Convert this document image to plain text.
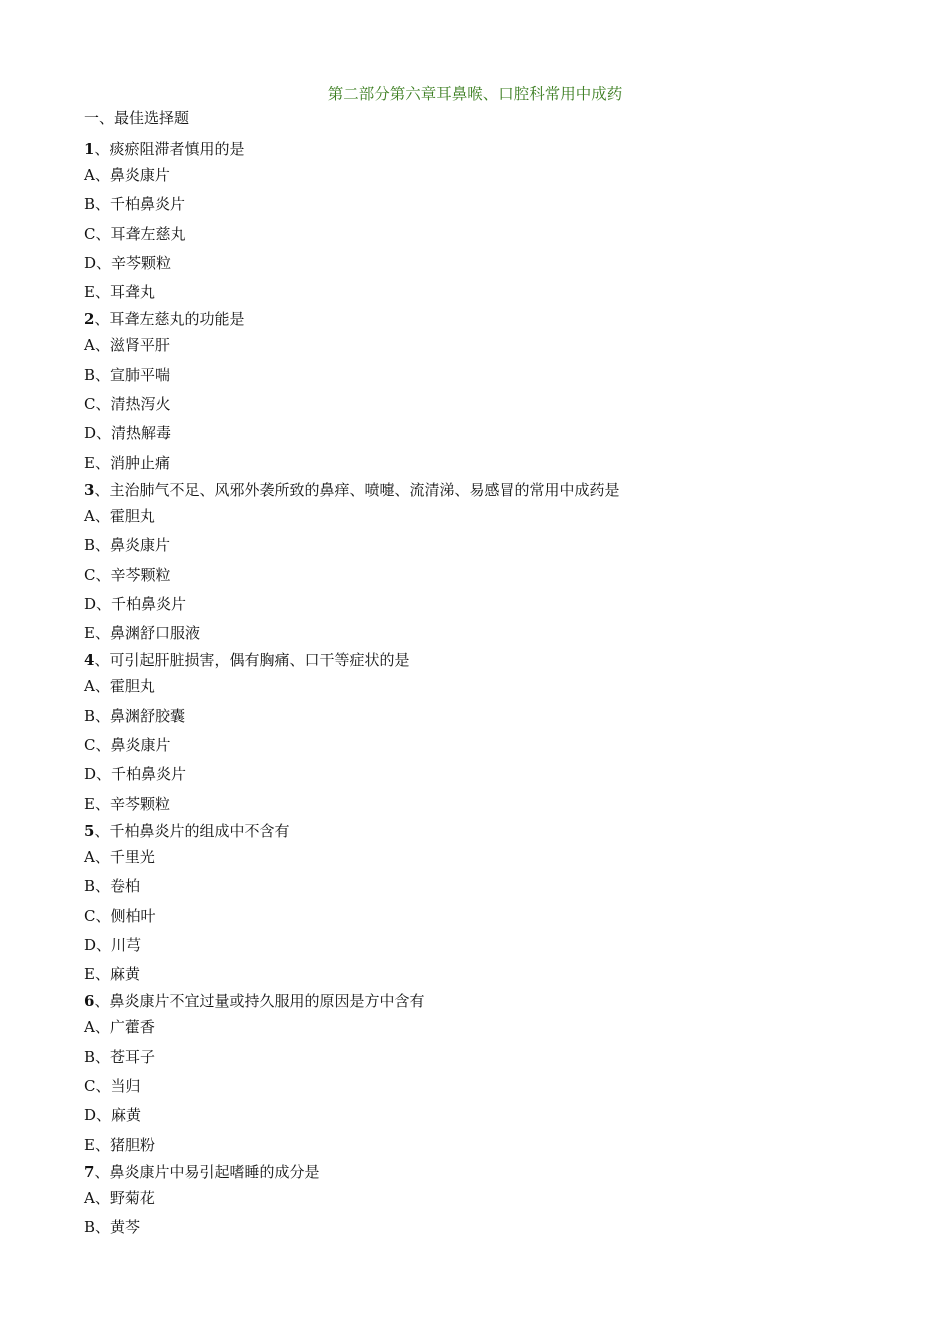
第二部分第六章耳鼻喉、口腔科常用中成药
一、最佳选择题
1、痰瘀阻滞者慎用的是
A、鼻炎康片
B、千柏鼻炎片
C、耳聋左慈丸
D、辛芩颗粒
E、耳聋丸
2、耳聋左慈丸的功能是
A、滋肾平肝
B、宣肺平喘
C、清热泻火
D、清热解毒
E、消肿止痛
3、主治肺气不足、风邪外袭所致的鼻痒、喷嚏、流清涕、易感冒的常用中成药是
A、霍胆丸
B、鼻炎康片
C、辛芩颗粒
D、千柏鼻炎片
E、鼻渊舒口服液
4、可引起肝脏损害，偶有胸痛、口干等症状的是
A、霍胆丸
B、鼻渊舒胶囊
C、鼻炎康片
D、千柏鼻炎片
E、辛芩颗粒
5、千柏鼻炎片的组成中不含有
A、千里光
B、卷柏
C、侧柏叶
D、川芎
E、麻黄
6、鼻炎康片不宜过量或持久服用的原因是方中含有
A、广藿香
B、苍耳子
C、当归
D、麻黄
E、猪胆粉
7、鼻炎康片中易引起嗜睡的成分是
A、野菊花
B、黄芩
